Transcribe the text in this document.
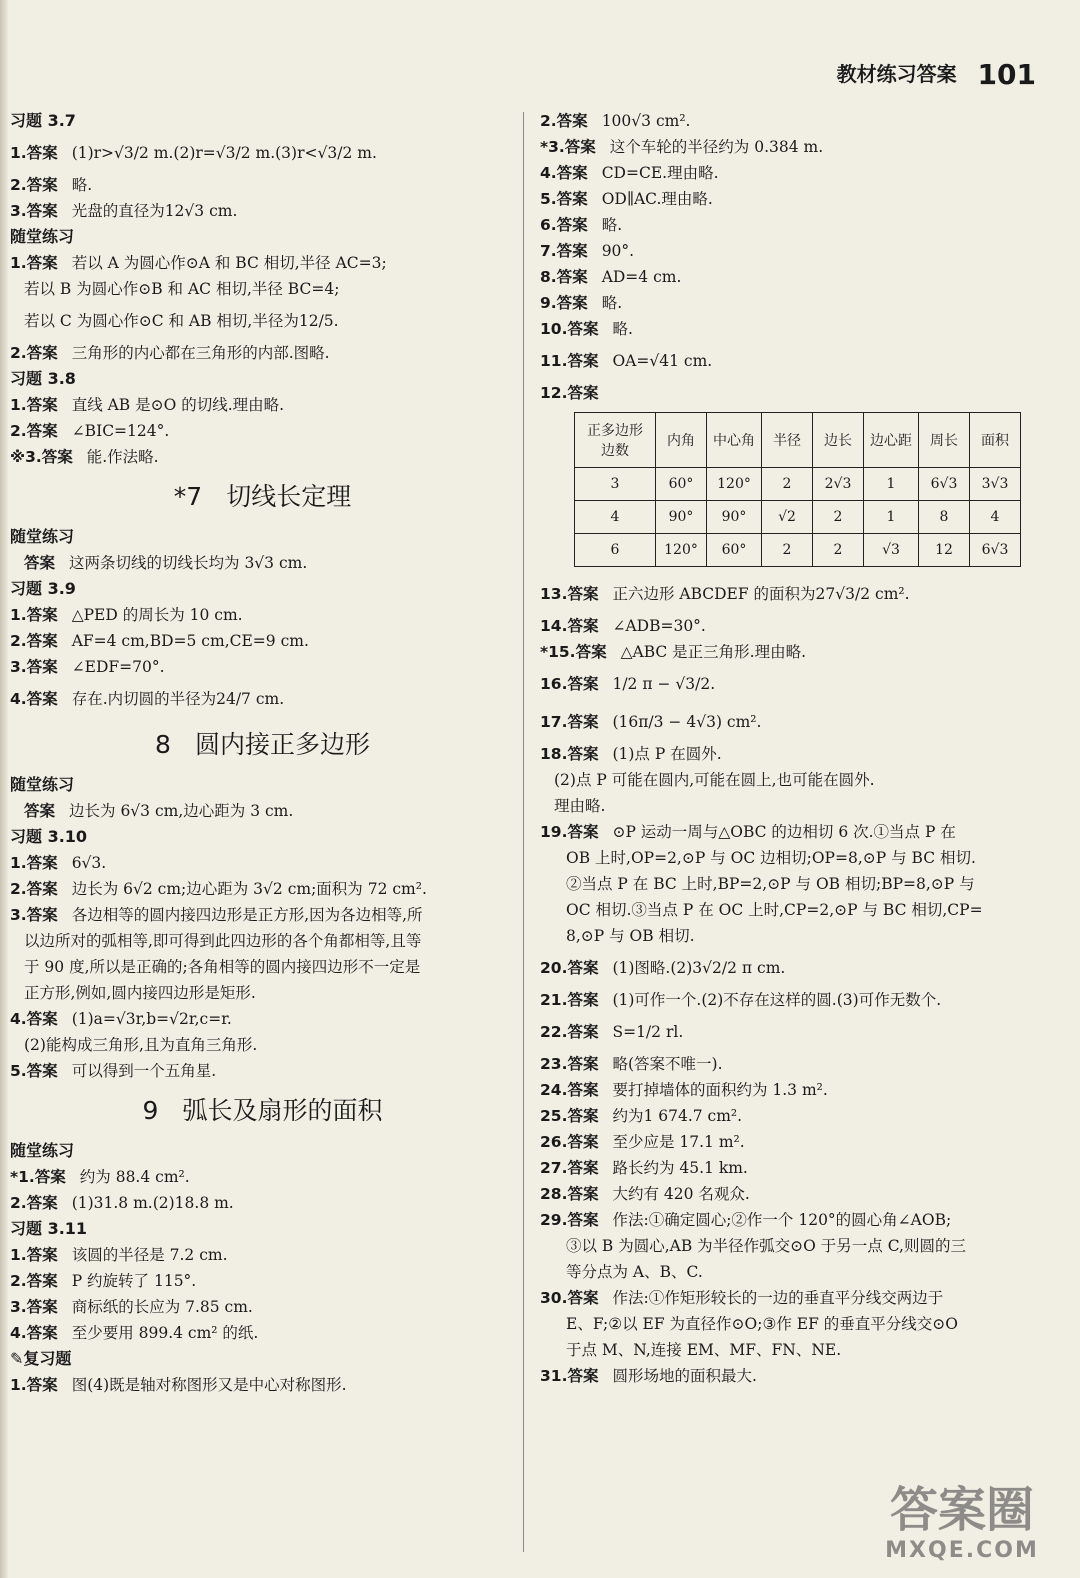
教材练习答案 101
习题 3.7
1.答案 (1)r>√3/2 m.(2)r=√3/2 m.(3)r<√3/2 m.
2.答案 略.
3.答案 光盘的直径为12√3 cm.
随堂练习
1.答案 若以 A 为圆心作⊙A 和 BC 相切,半径 AC=3;
若以 B 为圆心作⊙B 和 AC 相切,半径 BC=4;
若以 C 为圆心作⊙C 和 AB 相切,半径为12/5.
2.答案 三角形的内心都在三角形的内部.图略.
习题 3.8
1.答案 直线 AB 是⊙O 的切线.理由略.
2.答案 ∠BIC=124°.
※3.答案 能.作法略.
*7 切线长定理
随堂练习
答案 这两条切线的切线长均为 3√3 cm.
习题 3.9
1.答案 △PED 的周长为 10 cm.
2.答案 AF=4 cm,BD=5 cm,CE=9 cm.
3.答案 ∠EDF=70°.
4.答案 存在.内切圆的半径为24/7 cm.
8 圆内接正多边形
随堂练习
答案 边长为 6√3 cm,边心距为 3 cm.
习题 3.10
1.答案 6√3.
2.答案 边长为 6√2 cm;边心距为 3√2 cm;面积为 72 cm².
3.答案 各边相等的圆内接四边形是正方形,因为各边相等,所
以边所对的弧相等,即可得到此四边形的各个角都相等,且等
于 90 度,所以是正确的;各角相等的圆内接四边形不一定是
正方形,例如,圆内接四边形是矩形.
4.答案 (1)a=√3r,b=√2r,c=r.
(2)能构成三角形,且为直角三角形.
5.答案 可以得到一个五角星.
9 弧长及扇形的面积
随堂练习
*1.答案 约为 88.4 cm².
2.答案 (1)31.8 m.(2)18.8 m.
习题 3.11
1.答案 该圆的半径是 7.2 cm.
2.答案 P 约旋转了 115°.
3.答案 商标纸的长应为 7.85 cm.
4.答案 至少要用 899.4 cm² 的纸.
✎复习题
1.答案 图(4)既是轴对称图形又是中心对称图形.
2.答案 100√3 cm².
*3.答案 这个车轮的半径约为 0.384 m.
4.答案 CD=CE.理由略.
5.答案 OD∥AC.理由略.
6.答案 略.
7.答案 90°.
8.答案 AD=4 cm.
9.答案 略.
10.答案 略.
11.答案 OA=√41 cm.
12.答案
正多边形边数	内角	中心角	半径	边长	边心距	周长	面积
3	60°	120°	2	2√3	1	6√3	3√3
4	90°	90°	√2	2	1	8	4
6	120°	60°	2	2	√3	12	6√3
13.答案 正六边形 ABCDEF 的面积为27√3/2 cm².
14.答案 ∠ADB=30°.
*15.答案 △ABC 是正三角形.理由略.
16.答案 1/2 π − √3/2.
17.答案 (16π/3 − 4√3) cm².
18.答案 (1)点 P 在圆外.
(2)点 P 可能在圆内,可能在圆上,也可能在圆外.
理由略.
19.答案 ⊙P 运动一周与△OBC 的边相切 6 次.①当点 P 在
OB 上时,OP=2,⊙P 与 OC 边相切;OP=8,⊙P 与 BC 相切.
②当点 P 在 BC 上时,BP=2,⊙P 与 OB 相切;BP=8,⊙P 与
OC 相切.③当点 P 在 OC 上时,CP=2,⊙P 与 BC 相切,CP=
8,⊙P 与 OB 相切.
20.答案 (1)图略.(2)3√2/2 π cm.
21.答案 (1)可作一个.(2)不存在这样的圆.(3)可作无数个.
22.答案 S=1/2 rl.
23.答案 略(答案不唯一).
24.答案 要打掉墙体的面积约为 1.3 m².
25.答案 约为1 674.7 cm².
26.答案 至少应是 17.1 m².
27.答案 路长约为 45.1 km.
28.答案 大约有 420 名观众.
29.答案 作法:①确定圆心;②作一个 120°的圆心角∠AOB;
③以 B 为圆心,AB 为半径作弧交⊙O 于另一点 C,则圆的三
等分点为 A、B、C.
30.答案 作法:①作矩形较长的一边的垂直平分线交两边于
E、F;②以 EF 为直径作⊙O;③作 EF 的垂直平分线交⊙O
于点 M、N,连接 EM、MF、FN、NE.
31.答案 圆形场地的面积最大.
答案圈
MXQE.COM
